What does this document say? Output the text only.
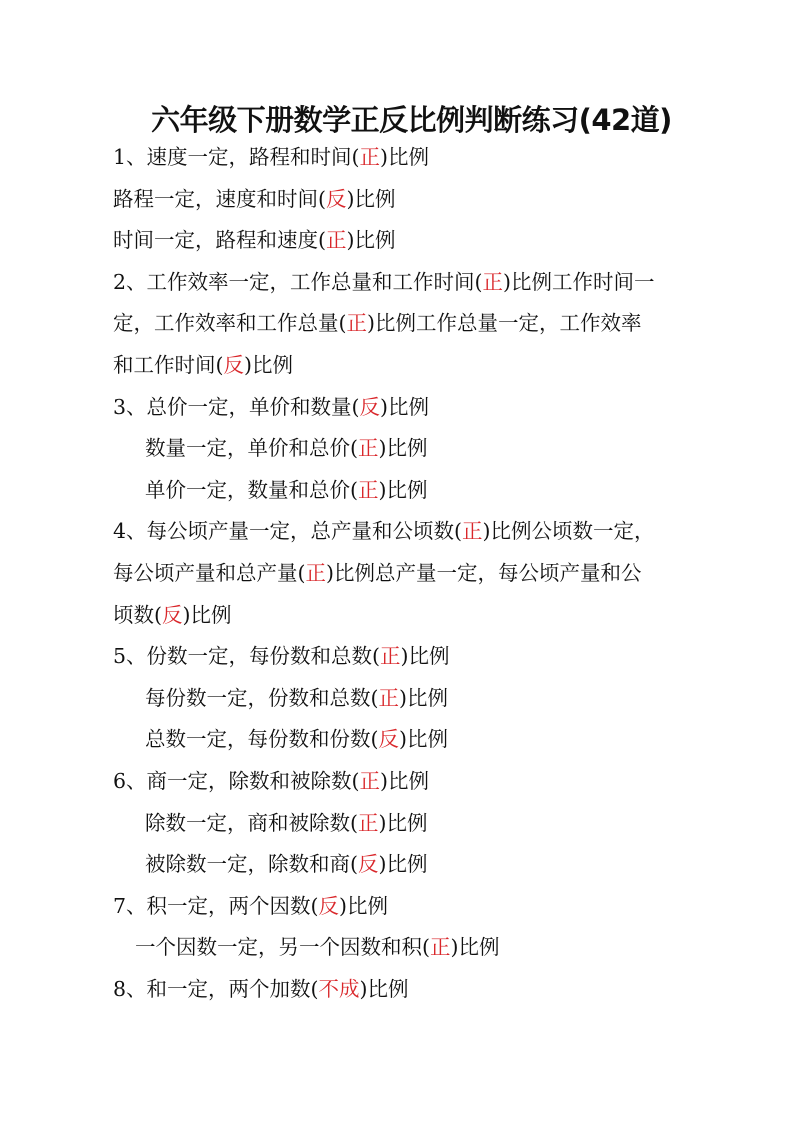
六年级下册数学正反比例判断练习(42道)
1、速度一定，路程和时间(正)比例
路程一定，速度和时间(反)比例
时间一定，路程和速度(正)比例
2、工作效率一定，工作总量和工作时间(正)比例工作时间一
定，工作效率和工作总量(正)比例工作总量一定，工作效率
和工作时间(反)比例
3、总价一定，单价和数量(反)比例
数量一定，单价和总价(正)比例
单价一定，数量和总价(正)比例
4、每公顷产量一定，总产量和公顷数(正)比例公顷数一定，
每公顷产量和总产量(正)比例总产量一定，每公顷产量和公
顷数(反)比例
5、份数一定，每份数和总数(正)比例
每份数一定，份数和总数(正)比例
总数一定，每份数和份数(反)比例
6、商一定，除数和被除数(正)比例
除数一定，商和被除数(正)比例
被除数一定，除数和商(反)比例
7、积一定，两个因数(反)比例
一个因数一定，另一个因数和积(正)比例
8、和一定，两个加数(不成)比例
